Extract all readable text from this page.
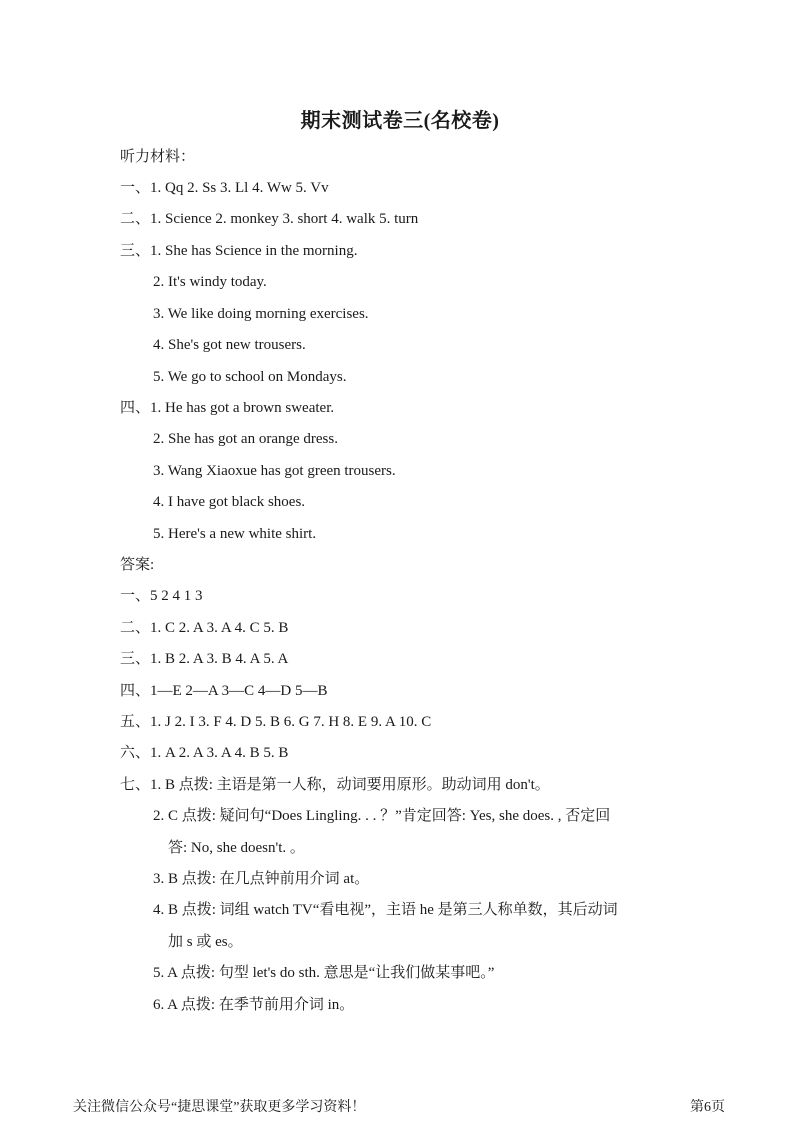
期末测试卷三(名校卷)
听力材料：
一、1. Qq 2. Ss 3. Ll 4. Ww 5. Vv
二、1. Science 2. monkey 3. short 4. walk 5. turn
三、1. She has Science in the morning.
2. It's windy today.
3. We like doing morning exercises.
4. She's got new trousers.
5. We go to school on Mondays.
四、1. He has got a brown sweater.
2. She has got an orange dress.
3. Wang Xiaoxue has got green trousers.
4. I have got black shoes.
5. Here's a new white shirt.
答案:
一、5 2 4 1 3
二、1. C 2. A 3. A 4. C 5. B
三、1. B 2. A 3. B 4. A 5. A
四、1—E 2—A 3—C 4—D 5—B
五、1. J 2. I 3. F 4. D 5. B 6. G 7. H 8. E 9. A 10. C
六、1. A 2. A 3. A 4. B 5. B
七、1. B 点拨: 主语是第一人称，动词要用原形。助动词用 don't。
2. C 点拨: 疑问句“Does Lingling. . . ？”肯定回答: Yes, she does. , 否定回
答: No, she doesn't. 。
3. B 点拨: 在几点钟前用介词 at。
4. B 点拨: 词组 watch TV“看电视”，主语 he 是第三人称单数，其后动词
加 s 或 es。
5. A 点拨: 句型 let's do sth. 意思是“让我们做某事吧。”
6. A 点拨: 在季节前用介词 in。
关注微信公众号“捷思课堂”获取更多学习资料！	第6页
